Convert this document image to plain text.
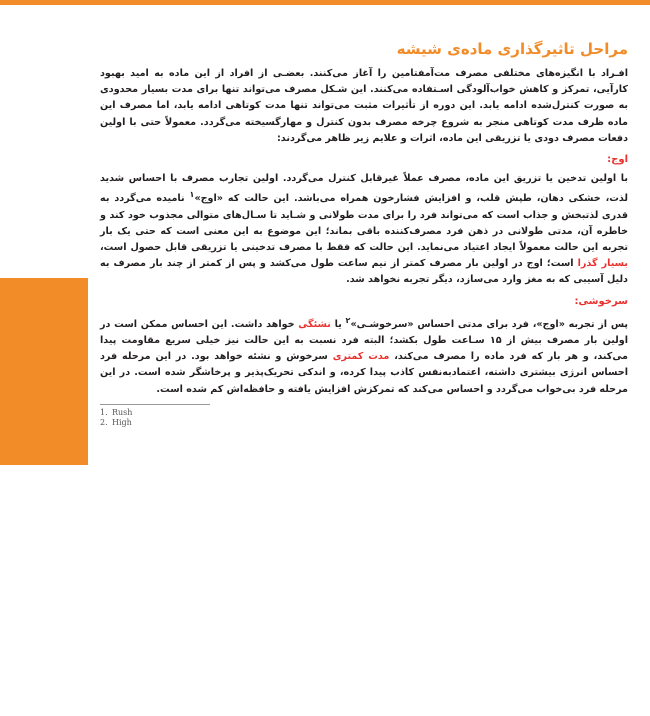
۱۳
شیشه؛
تول چراغ جادو
یا اهریمن خفته
مراحل تاثیرگذاری ماده‌ی شیشه

افـراد با انگیزه‌های مختلفی مصرف مت‌آمفتامین را آغاز می‌کنند. بعضـی از افراد از این ماده به امید بهبود کارآیی، تمرکز و کاهش خواب‌آلودگی اسـتفاده می‌کنند. این شـکل مصرف می‌تواند تنها برای مدت بسیار محدودی به صورت کنترل‌شده ادامه یابد. این دوره از تأثیرات مثبت می‌تواند تنها مدت کوتاهی ادامه یابد، اما مصرف این ماده ظرف مدت کوتاهی منجر به شروع چرخه مصرف بدون کنترل و مهارگسیخته می‌گردد. معمولاً حتی با اولین دفعات مصرف دودی یا تزریقی این ماده، اثرات و علایم زیر ظاهر می‌گردند:

اوج:

با اولین تدخین یا تزریق این ماده، مصرف عملاً غیرقابل کنترل می‌گردد. اولین تجارب مصرف با احساس شدید لذت، خشکی دهان، طپش قلب، و افزایش فشارخون همراه می‌باشد. این حالت که «اوج»$^۱$ نامیده می‌گردد به قدری لذتبخش و جذاب است که می‌تواند فرد را برای مدت طولانی و شـاید تا سـال‌های متوالی مجذوب خود کند و خاطره آن، مدتی طولانی در ذهن فرد مصرف‌کننده باقی بماند؛ این موضوع به این معنی است که حتی یک بار تجربه این حالت معمولاً ایجاد اعتیاد می‌نماید. این حالت که فقط با مصرف تدخینی یا تزریقی قابل حصول است، بسیار گذرا است؛ اوج در اولین بار مصرف کمتر از نیم ساعت طول می‌کشد و پس از کمتر از چند بار مصرف به دلیل آسیبی که به مغز وارد می‌سازد، دیگر تجربه نخواهد شد.

سرخوشی:

پس از تجربه «اوج»، فرد برای مدتی احساس «سرخوشـی»$^۲$ یا نشئگی خواهد داشت. این احساس ممکن است در اولین بار مصرف بیش از ۱۵ سـاعت طول بکشد؛ البته فرد نسبت به این حالت نیز خیلی سریع مقاومت پیدا می‌کند، و هر بار که فرد ماده را مصرف می‌کند، مدت کمتری سرخوش و نشئه خواهد بود. در این مرحله فرد احساس انرژی بیشتری داشته، اعتماد‌به‌نفس کاذب پیدا کرده، و اندکی تحریک‌پذیر و پرخاشگر شده است. در این مرحله فرد بی‌خواب می‌گردد و احساس می‌کند که تمرکزش افزایش یافته و حافظه‌اش کم شده است.

1. Rush
2. High
